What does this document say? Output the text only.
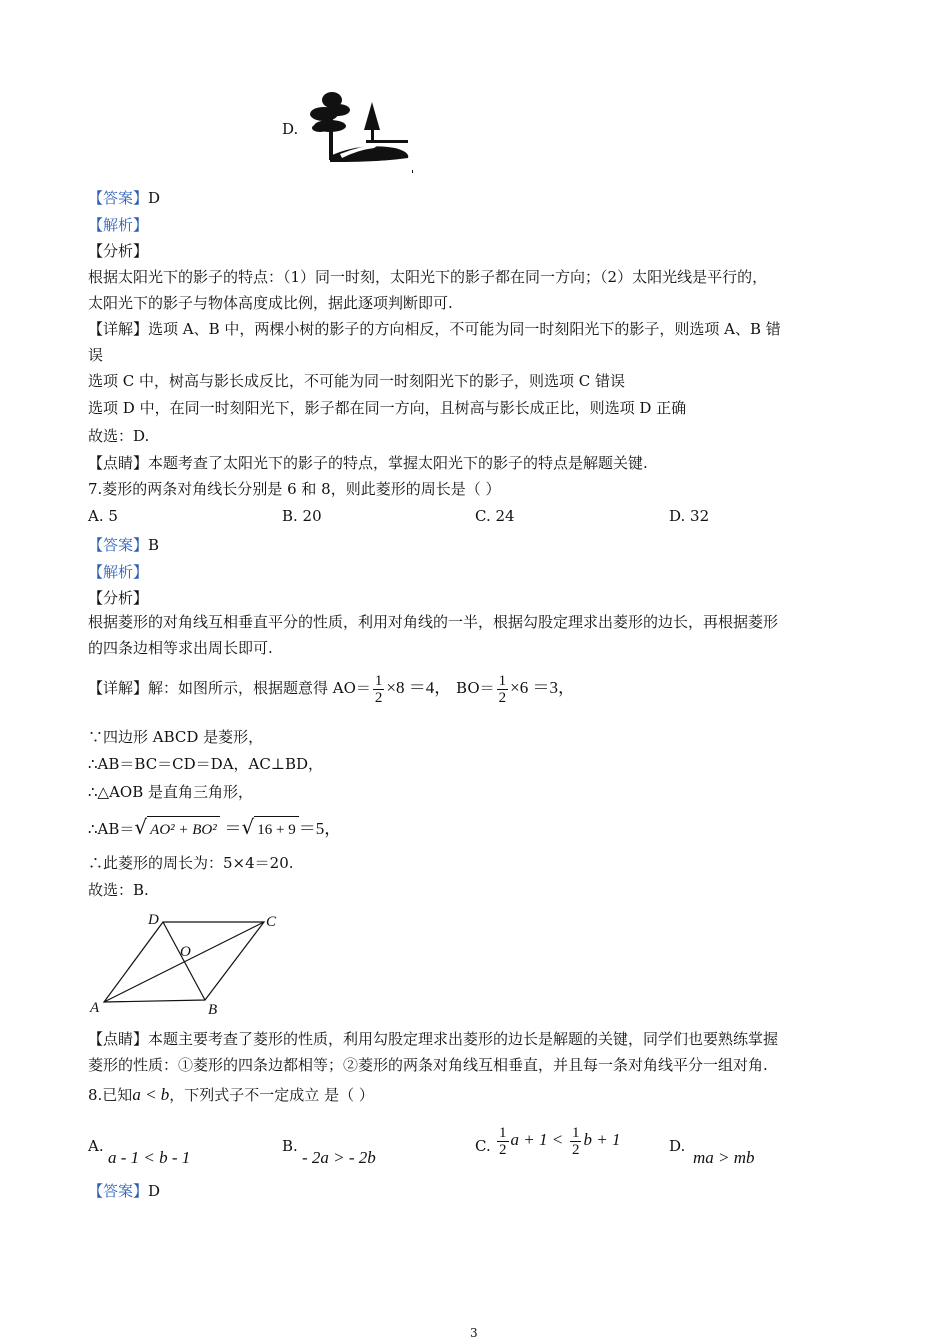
D.
【答案】D
【解析】
【分析】
根据太阳光下的影子的特点：（1）同一时刻，太阳光下的影子都在同一方向；（2）太阳光线是平行的，
太阳光下的影子与物体高度成比例，据此逐项判断即可.
【详解】选项 A、B 中，两棵小树的影子的方向相反，不可能为同一时刻阳光下的影子，则选项 A、B 错
误
选项 C 中，树高与影长成反比，不可能为同一时刻阳光下的影子，则选项 C 错误
选项 D 中，在同一时刻阳光下，影子都在同一方向，且树高与影长成正比，则选项 D 正确
故选：D.
【点睛】本题考查了太阳光下的影子的特点，掌握太阳光下的影子的特点是解题关键.
7.菱形的两条对角线长分别是 6 和 8，则此菱形的周长是（ ）
A. 5	B. 20	C. 24	D. 32
【答案】B
【解析】
【分析】
根据菱形的对角线互相垂直平分的性质，利用对角线的一半，根据勾股定理求出菱形的边长，再根据菱形
的四条边相等求出周长即可.
【详解】解：如图所示，根据题意得 $AO= \frac{1}{2} \times 8 =4$， $BO= \frac{1}{2} \times 6 =3$，
∵四边形 ABCD 是菱形，
∴AB＝BC＝CD＝DA，AC⊥BD，
∴△AOB 是直角三角形，
∴AB＝√ AO² + BO² ＝√ 16 + 9 ＝5，
∴此菱形的周长为：5×4＝20.
故选：B.
A	B
C
D
O
【点睛】本题主要考查了菱形的性质，利用勾股定理求出菱形的边长是解题的关键，同学们也要熟练掌握
菱形的性质：①菱形的四条边都相等；②菱形的两条对角线互相垂直，并且每一条对角线平分一组对角.
8.已知a < b，下列式子不一定成立 是（ ）
A.
a - 1 < b - 1
B.
- 2a > - 2b
C. $\frac{1}{2}$ $a + 1 < \frac{1}{2}$ b + 1	D.
ma > mb
【答案】D
3
